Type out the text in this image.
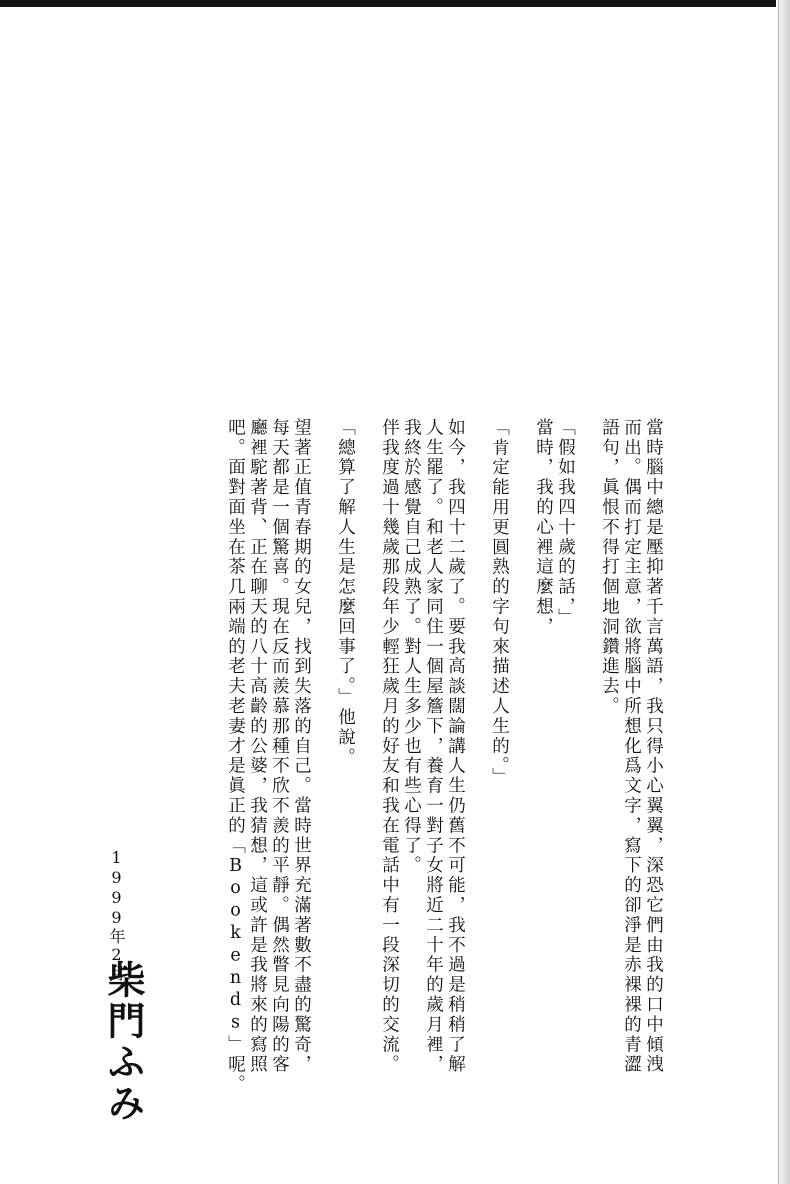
當時腦中總是壓抑著千言萬語，我只得小心翼翼，深恐它們由我的口中傾洩
而出。偶而打定主意，欲將腦中所想化爲文字，寫下的卻淨是赤裸裸的青澀
語句，眞恨不得打個地洞鑽進去。
「假如我四十歲的話，」
當時，我的心裡這麼想，
「肯定能用更圓熟的字句來描述人生的。」
如今，我四十二歲了。要我高談闊論講人生仍舊不可能，我不過是稍稍了解
人生罷了。和老人家同住一個屋簷下，養育一對子女將近二十年的歲月裡，
我終於感覺自己成熟了。對人生多少也有些心得了。
伴我度過十幾歲那段年少輕狂歲月的好友和我在電話中有一段深切的交流。
「總算了解人生是怎麼回事了。」他說。
望著正值青春期的女兒，找到失落的自己。當時世界充滿著數不盡的驚奇，
每天都是一個驚喜。現在反而羨慕那種不欣不羨的平靜。偶然瞥見向陽的客
廳裡駝著背、正在聊天的八十高齡的公婆，我猜想，這或許是我將來的寫照
吧。面對面坐在茶几兩端的老夫老妻才是眞正的「Bookends」呢。
1999年2月
柴門ふみ
